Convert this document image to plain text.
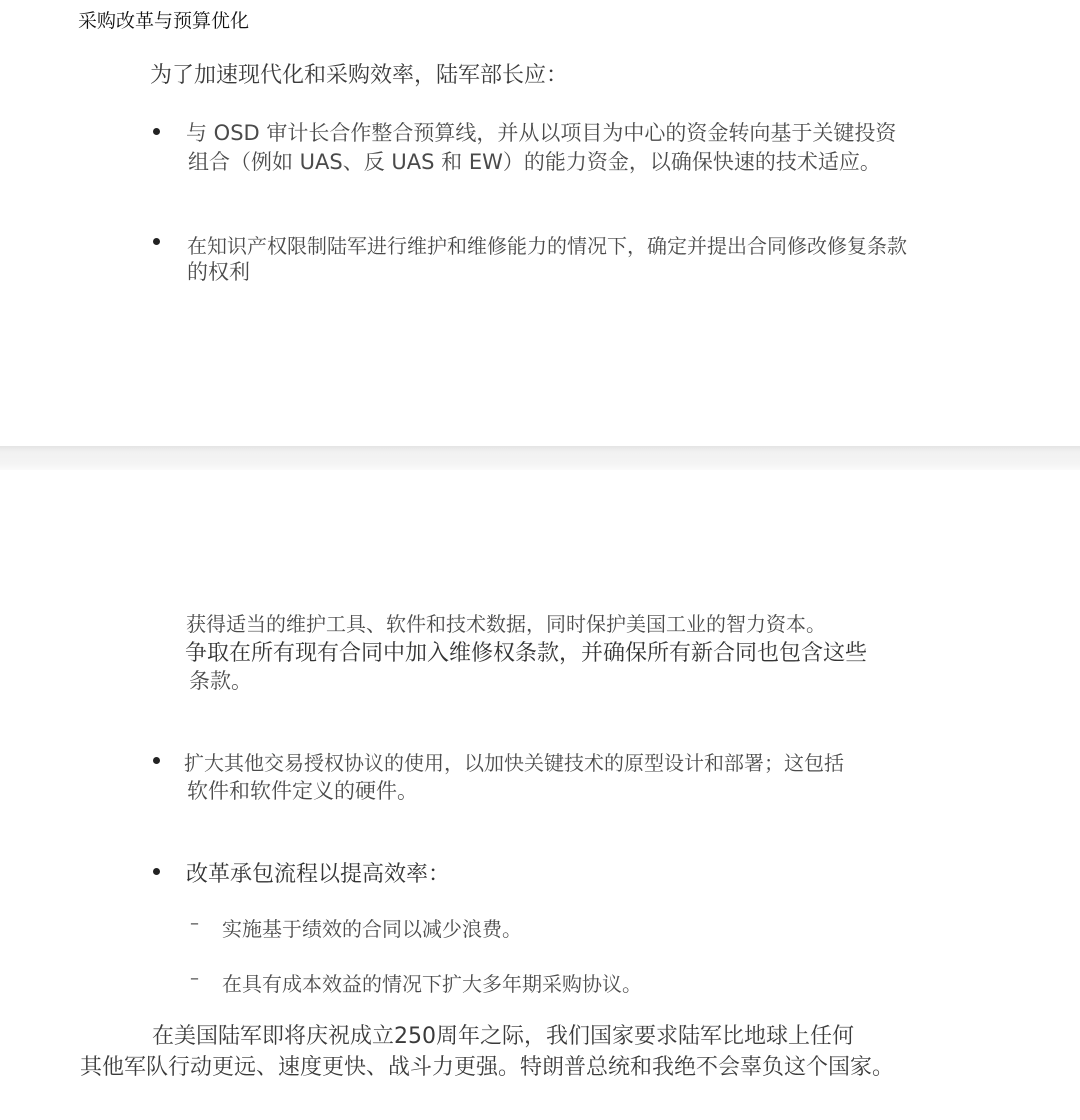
采购改革与预算优化
为了加速现代化和采购效率，陆军部长应：
与 OSD 审计长合作整合预算线，并从以项目为中心的资金转向基于关键投资
组合（例如 UAS、反 UAS 和 EW）的能力资金，以确保快速的技术适应。
在知识产权限制陆军进行维护和维修能力的情况下，确定并提出合同修改修复条款
的权利
获得适当的维护工具、软件和技术数据，同时保护美国工业的智力资本。
争取在所有现有合同中加入维修权条款，并确保所有新合同也包含这些
条款。
扩大其他交易授权协议的使用，以加快关键技术的原型设计和部署；这包括
软件和软件定义的硬件。
改革承包流程以提高效率：
– 实施基于绩效的合同以减少浪费。
– 在具有成本效益的情况下扩大多年期采购协议。
在美国陆军即将庆祝成立250周年之际，我们国家要求陆军比地球上任何
其他军队行动更远、速度更快、战斗力更强。特朗普总统和我绝不会辜负这个国家。
